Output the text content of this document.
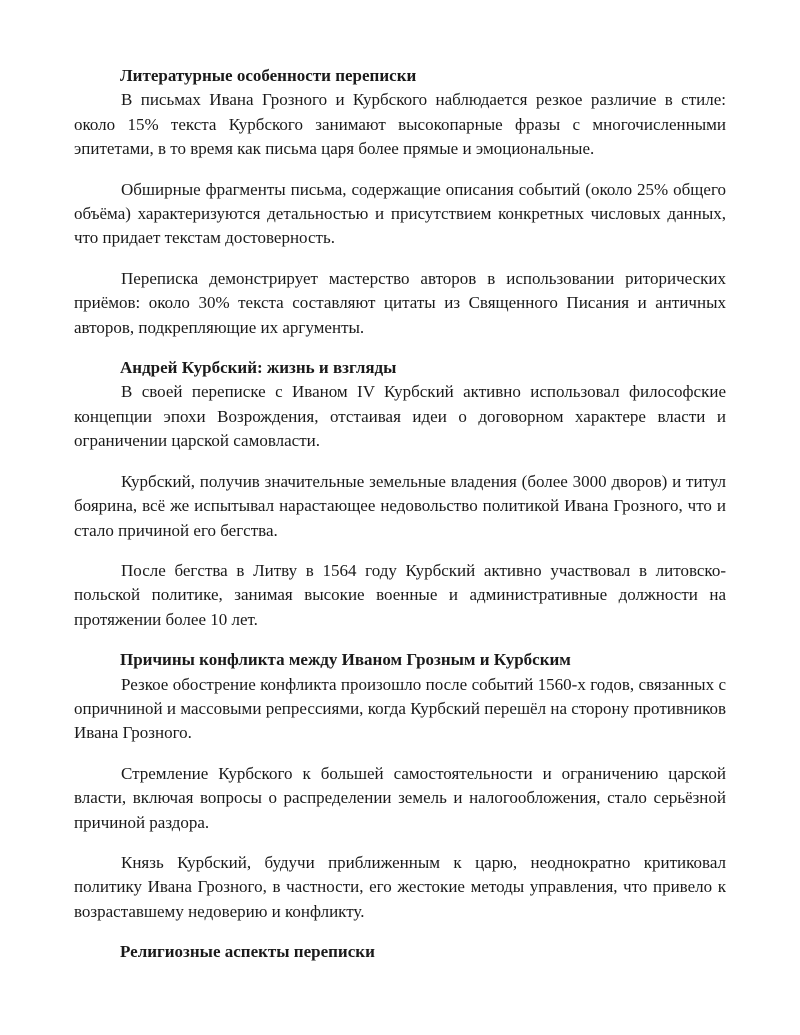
Литературные особенности переписки

В письмах Ивана Грозного и Курбского наблюдается резкое различие в стиле: около 15% текста Курбского занимают высокопарные фразы с многочисленными эпитетами, в то время как письма царя более прямые и эмоциональные.

Обширные фрагменты письма, содержащие описания событий (около 25% общего объёма) характеризуются детальностью и присутствием конкретных числовых данных, что придает текстам достоверность.

Переписка демонстрирует мастерство авторов в использовании риторических приёмов: около 30% текста составляют цитаты из Священного Писания и античных авторов, подкрепляющие их аргументы.

Андрей Курбский: жизнь и взгляды

В своей переписке с Иваном IV Курбский активно использовал философские концепции эпохи Возрождения, отстаивая идеи о договорном характере власти и ограничении царской самовласти.

Курбский, получив значительные земельные владения (более 3000 дворов) и титул боярина, всё же испытывал нарастающее недовольство политикой Ивана Грозного, что и стало причиной его бегства.

После бегства в Литву в 1564 году Курбский активно участвовал в литовско-польской политике, занимая высокие военные и административные должности на протяжении более 10 лет.

Причины конфликта между Иваном Грозным и Курбским

Резкое обострение конфликта произошло после событий 1560-х годов, связанных с опричниной и массовыми репрессиями, когда Курбский перешёл на сторону противников Ивана Грозного.

Стремление Курбского к большей самостоятельности и ограничению царской власти, включая вопросы о распределении земель и налогообложения, стало серьёзной причиной раздора.

Князь Курбский, будучи приближенным к царю, неоднократно критиковал политику Ивана Грозного, в частности, его жестокие методы управления, что привело к возраставшему недоверию и конфликту.

Религиозные аспекты переписки
